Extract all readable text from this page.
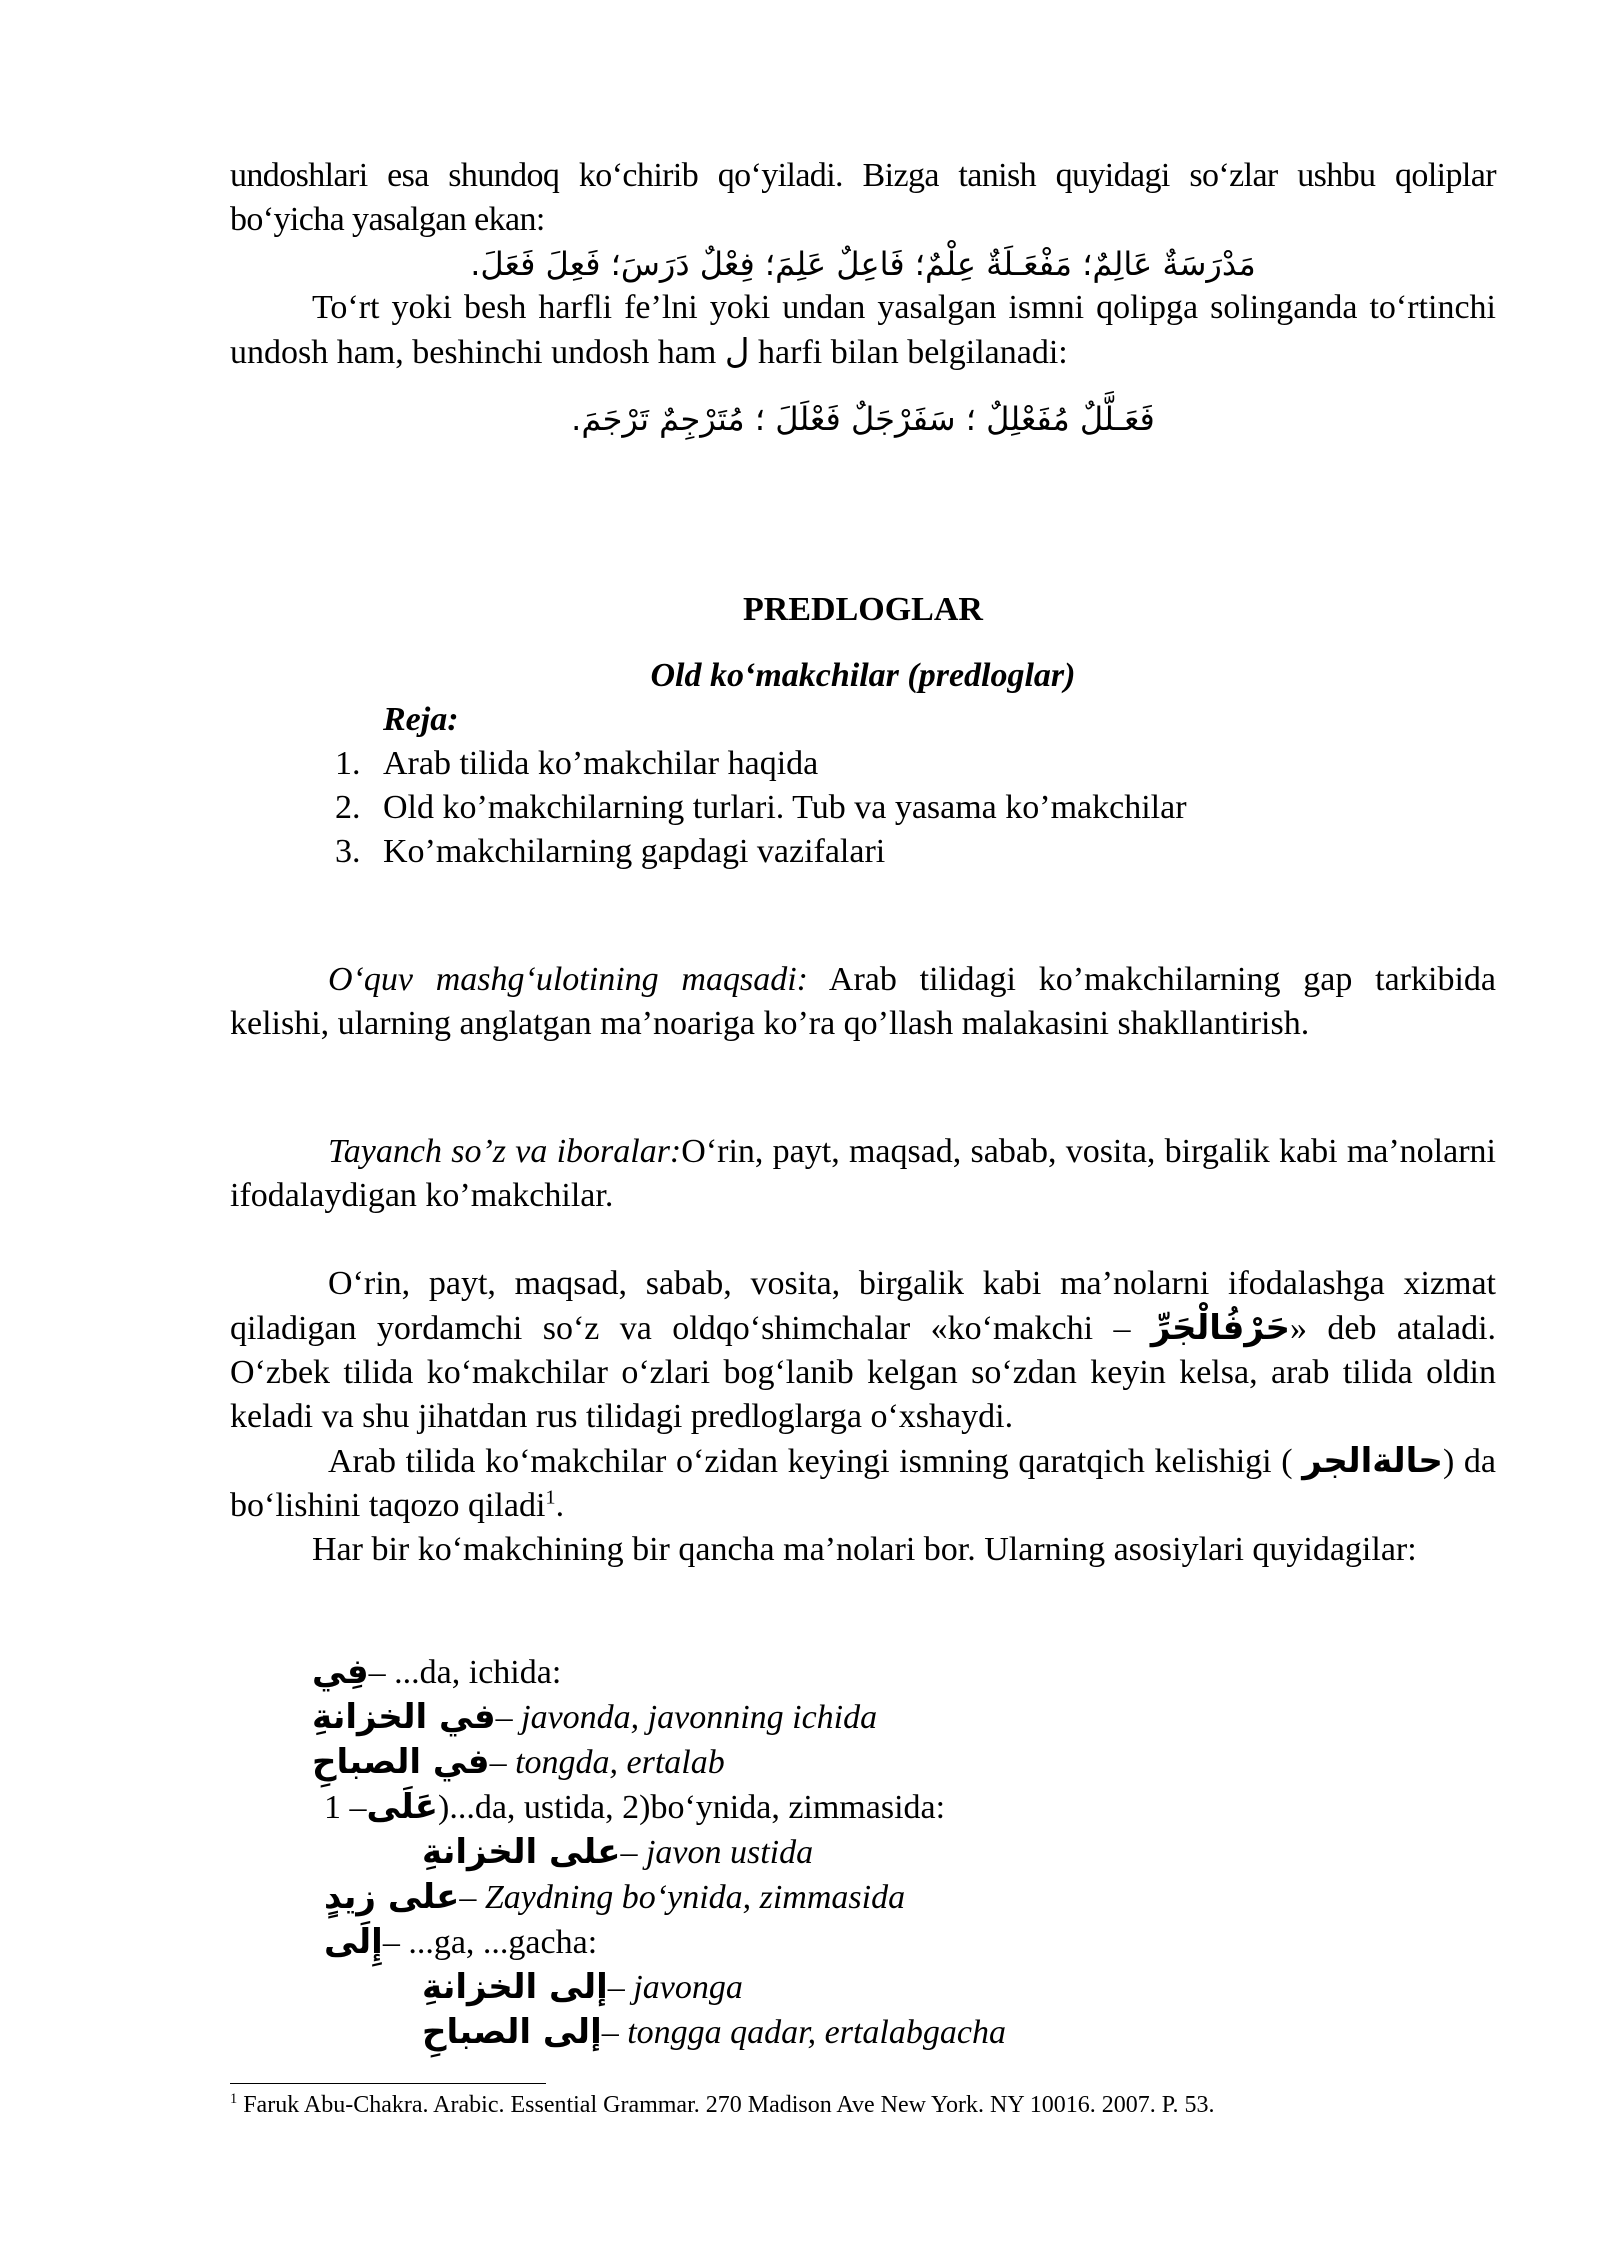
undoshlari esa shundoq ko‘chirib qo‘yiladi. Bizga tanish quyidagi so‘zlar ushbu qoliplar bo‘yicha yasalgan ekan:

مَدْرَسَةٌ عَالِمٌ؛ مَفْعَـلَةٌ عِلْمٌ؛ فَاعِلٌ عَلِمَ؛ فِعْلٌ دَرَسَ؛ فَعِلَ فَعَلَ.

To‘rt yoki besh harfli fe’lni yoki undan yasalgan ismni qolipga solinganda to‘rtinchi undosh ham, beshinchi undosh ham ل harfi bilan belgilanadi:

فَعَـلَّلٌ مُفَعْلِلٌ ؛ سَفَرْجَلٌ فَعْلَلَ ؛ مُتَرْجِمٌ تَرْجَمَ.
PREDLOGLAR
Old ko‘makchilar (predloglar)
Reja:
1. Arab tilida ko’makchilar haqida
2. Old ko’makchilarning turlari. Tub va yasama ko’makchilar
3. Ko’makchilarning gapdagi vazifalari

O‘quv mashg‘ulotining maqsadi: Arab tilidagi ko’makchilarning gap tarkibida kelishi, ularning anglatgan ma’noariga ko’ra qo’llash malakasini shakllantirish.

Tayanch so’z va iboralar:O‘rin, payt, maqsad, sabab, vosita, birgalik kabi ma’nolarni ifodalaydigan ko’makchilar.

O‘rin, payt, maqsad, sabab, vosita, birgalik kabi ma’nolarni ifodalashga xizmat qiladigan yordamchi so‘z va oldqo‘shimchalar «ko‘makchi – حَرْفُالْجَرِّ» deb ataladi. O‘zbek tilida ko‘makchilar o‘zlari bog‘lanib kelgan so‘zdan keyin kelsa, arab tilida oldin keladi va shu jihatdan rus tilidagi predloglarga o‘xshaydi.

Arab tilida ko‘makchilar o‘zidan keyingi ismning qaratqich kelishigi ( حالةالجر) da bo‘lishini taqozo qiladi$^1$.

Har bir ko‘makchining bir qancha ma’nolari bor. Ularning asosiylari quyidagilar:

فِي– ...da, ichida:

في الخزانةِ– javonda, javonning ichida

في الصباحِ– tongda, ertalab

1 –عَلَى)...da, ustida, 2)bo‘ynida, zimmasida:

على الخزانةِ– javon ustida

على زيدٍ– Zaydning bo‘ynida, zimmasida

إِلَى– ...ga, ...gacha:

إلى الخزانةِ– javonga

إلى الصباحِ– tongga qadar, ertalabgacha

$^1$ Faruk Abu-Chakra. Arabic. Essential Grammar. 270 Madison Ave New York. NY 10016. 2007. P. 53.
